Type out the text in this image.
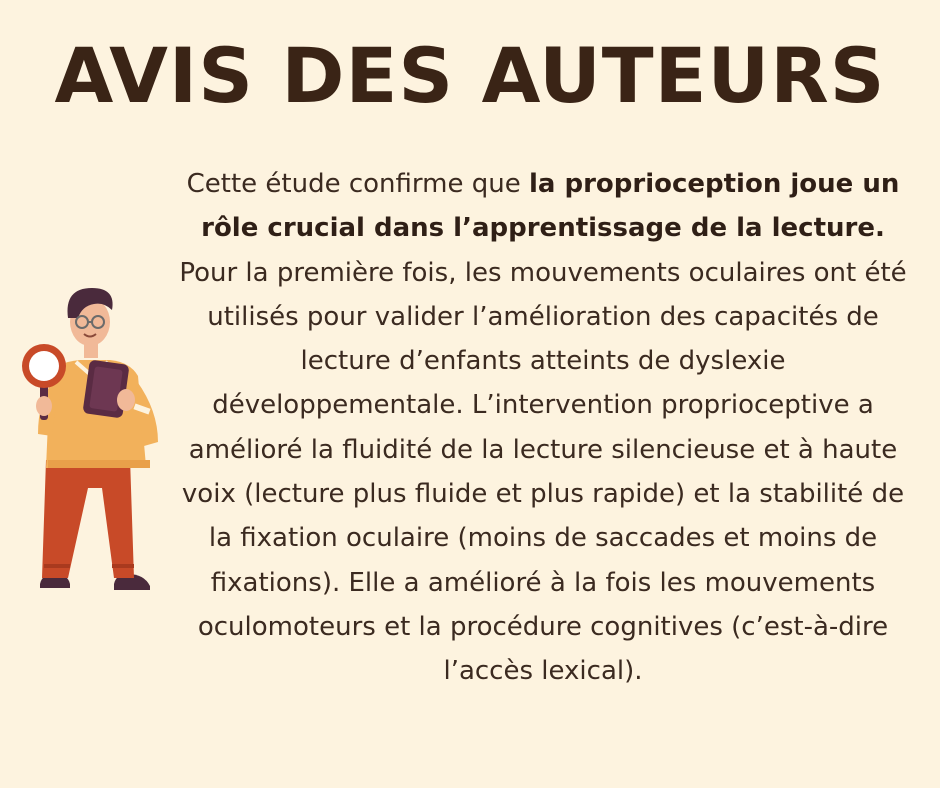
AVIS DES AUTEURS
Cette étude confirme que la proprioception joue un rôle crucial dans l’apprentissage de la lecture. Pour la première fois, les mouvements oculaires ont été utilisés pour valider l’amélioration des capacités de lecture d’enfants atteints de dyslexie développementale. L’intervention proprioceptive a amélioré la fluidité de la lecture silencieuse et à haute voix (lecture plus fluide et plus rapide) et la stabilité de la fixation oculaire (moins de saccades et moins de fixations). Elle a amélioré à la fois les mouvements oculomoteurs et la procédure cognitives (c’est-à-dire l’accès lexical).
